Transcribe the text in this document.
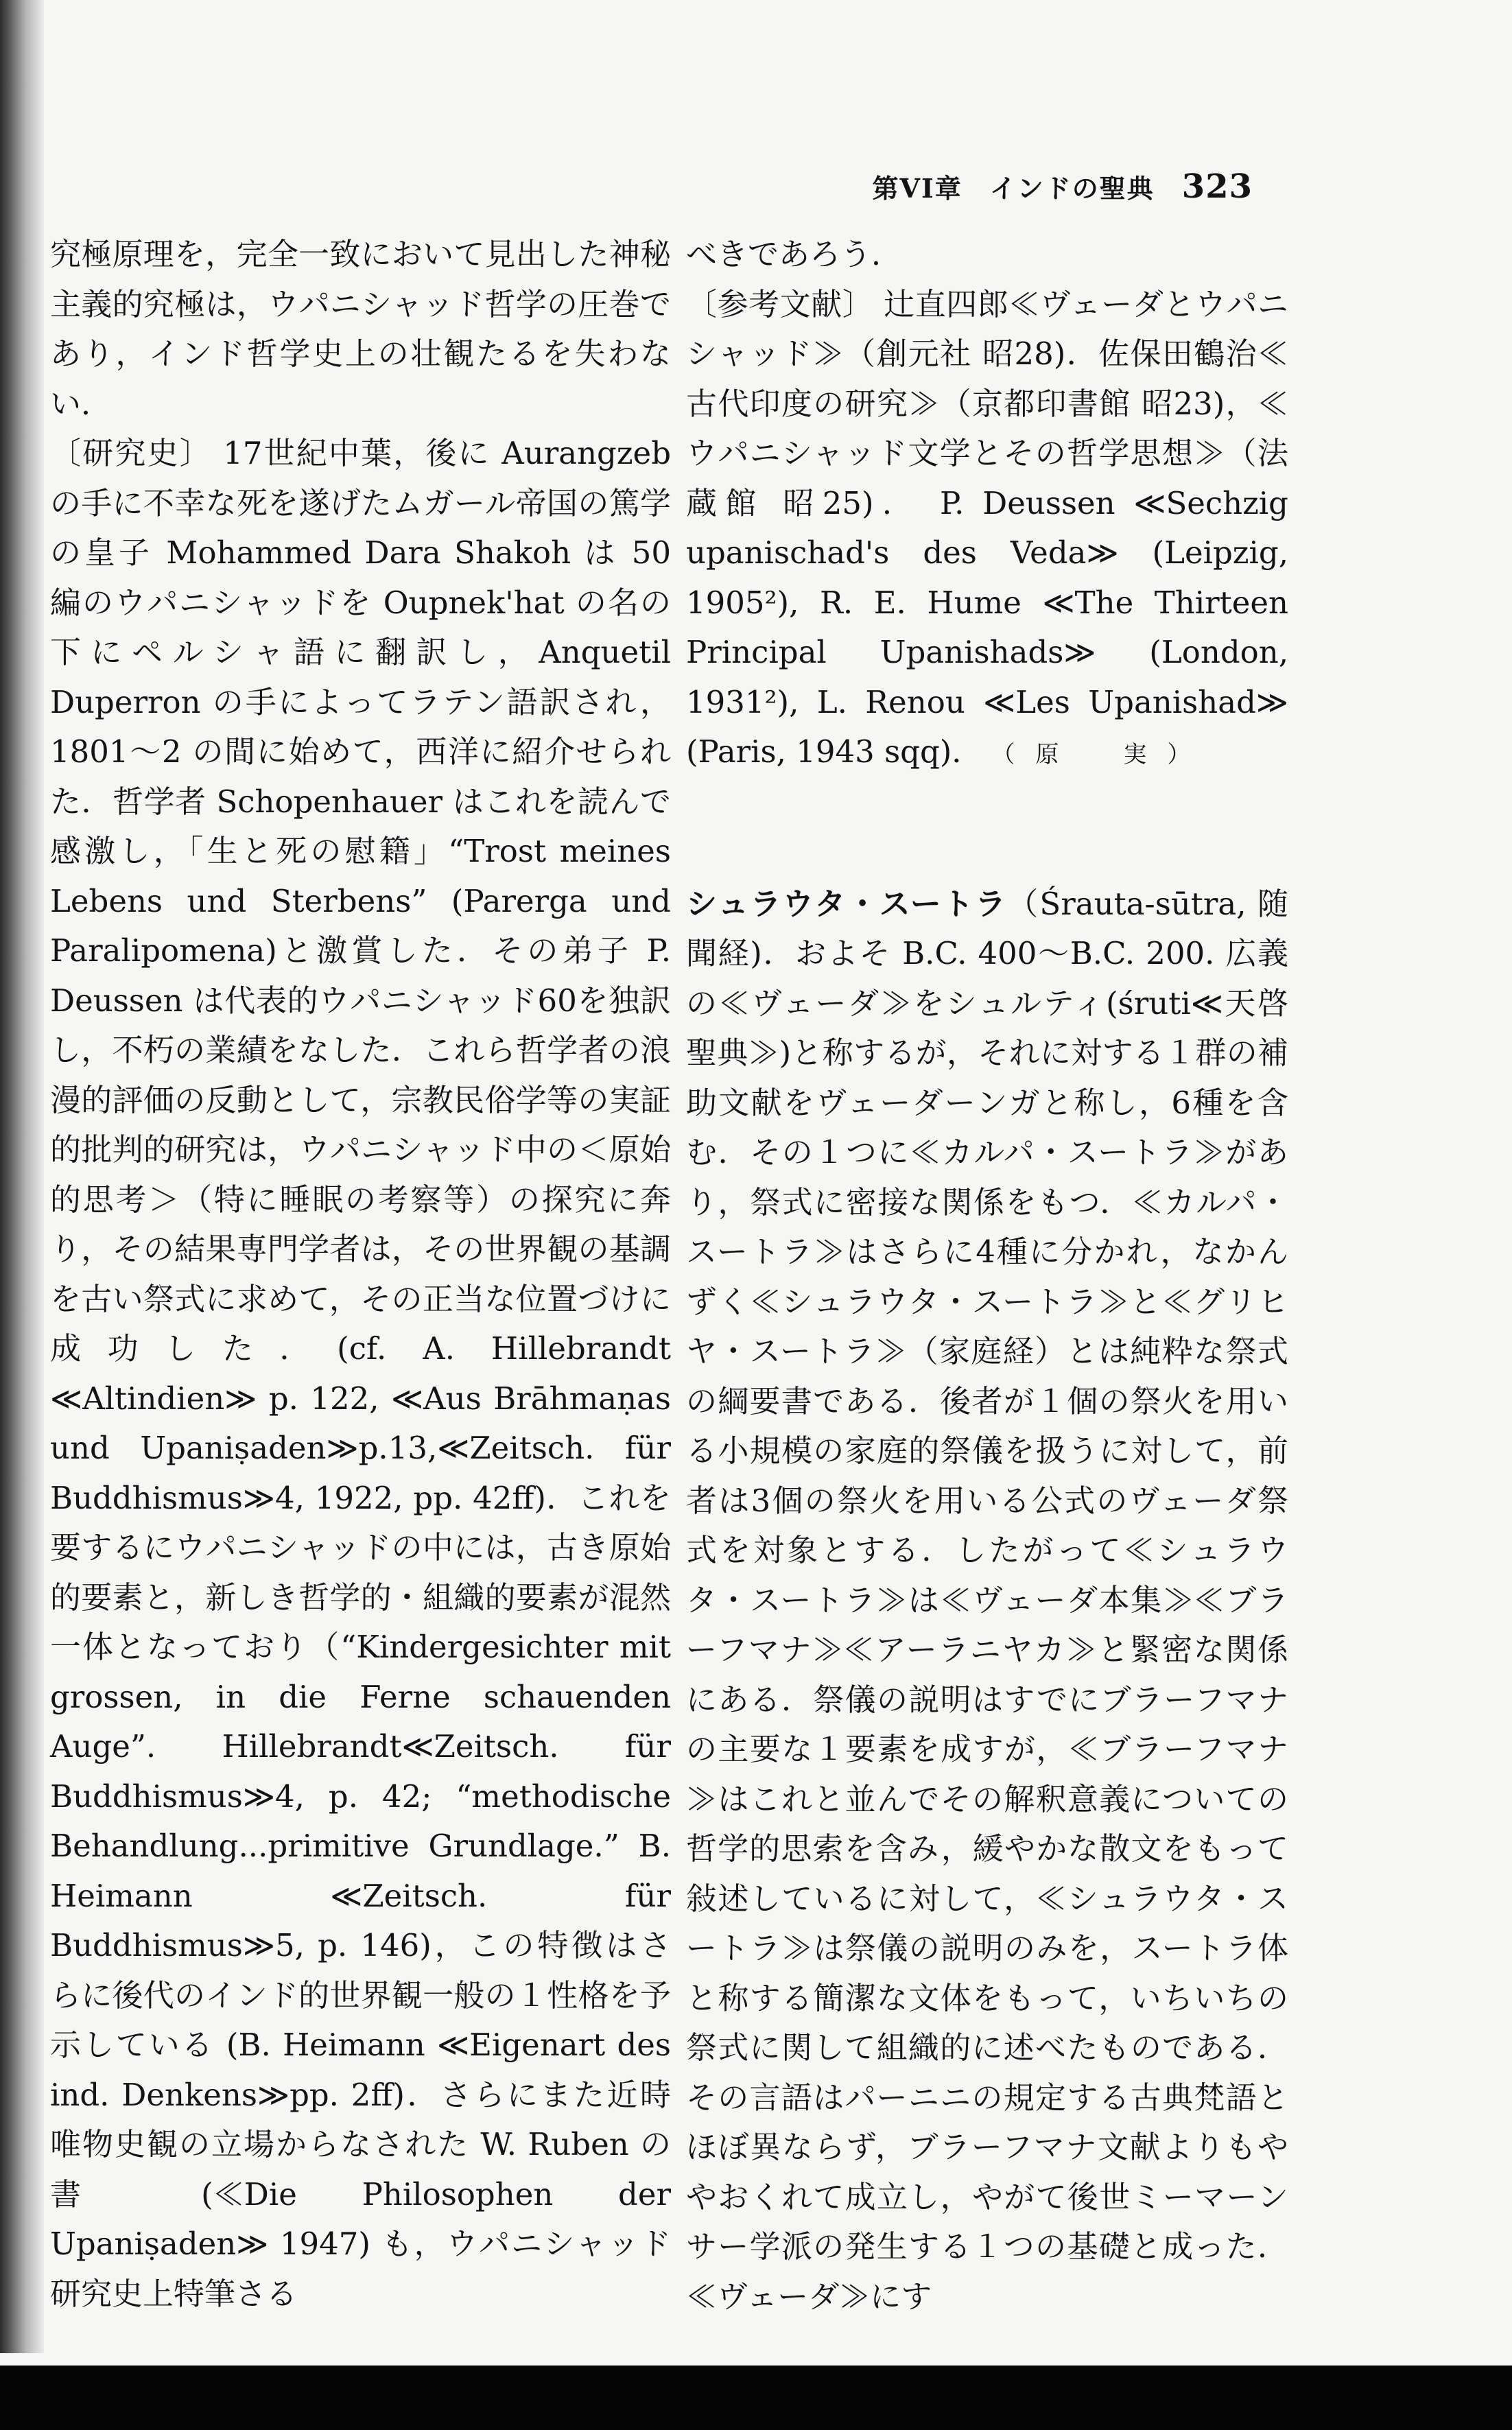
第VI章　インドの聖典 323

究極原理を，完全一致において見出した神秘主義的究極は，ウパニシャッド哲学の圧巻であり，インド哲学史上の壮観たるを失わない．

〔研究史〕 17世紀中葉，後に Aurangzeb の手に不幸な死を遂げたムガール帝国の篤学の皇子 Mohammed Dara Shakoh は 50 編のウパニシャッドを Oupnek'hat の名の下にペルシャ語に翻訳し，Anquetil Duperron の手によってラテン語訳され，1801～2 の間に始めて，西洋に紹介せられた．哲学者 Schopenhauer はこれを読んで感激し，「生と死の慰籍」“Trost meines Lebens und Sterbens” (Parerga und Paralipomena)と激賞した．その弟子 P. Deussen は代表的ウパニシャッド60を独訳し，不朽の業績をなした．これら哲学者の浪漫的評価の反動として，宗教民俗学等の実証的批判的研究は，ウパニシャッド中の＜原始的思考＞（特に睡眠の考察等）の探究に奔り，その結果専門学者は，その世界観の基調を古い祭式に求めて，その正当な位置づけに成功した．(cf. A. Hillebrandt ≪Altindien≫ p. 122, ≪Aus Brāhmaṇas und Upaniṣaden≫p.13,≪Zeitsch. für Buddhismus≫4, 1922, pp. 42ff)．これを要するにウパニシャッドの中には，古き原始的要素と，新しき哲学的・組織的要素が混然一体となっており（“Kindergesichter mit grossen, in die Ferne schauenden Auge”. Hillebrandt≪Zeitsch. für Buddhismus≫4, p. 42; “methodische Behandlung...primitive Grundlage.” B. Heimann ≪Zeitsch. für Buddhismus≫5, p. 146)，この特徴はさらに後代のインド的世界観一般の１性格を予示している (B. Heimann ≪Eigenart des ind. Denkens≫pp. 2ff)．さらにまた近時唯物史観の立場からなされた W. Ruben の書 (≪Die Philosophen der Upaniṣaden≫ 1947) も，ウパニシャッド研究史上特筆さる

べきであろう．

〔参考文献〕 辻直四郎≪ヴェーダとウパニシャッド≫（創元社 昭28)．佐保田鶴治≪古代印度の研究≫（京都印書館 昭23)，≪ウパニシャッド文学とその哲学思想≫（法蔵館 昭25)． P. Deussen ≪Sechzig upanischad's des Veda≫ (Leipzig, 1905²), R. E. Hume ≪The Thirteen Principal Upanishads≫ (London, 1931²), L. Renou ≪Les Upanishad≫ (Paris, 1943 sqq)． （原　実）

シュラウタ・スートラ（Śrauta-sūtra, 随聞経)．およそ B.C. 400～B.C. 200. 広義の≪ヴェーダ≫をシュルティ(śruti≪天啓聖典≫)と称するが，それに対する１群の補助文献をヴェーダーンガと称し，6種を含む．その１つに≪カルパ・スートラ≫があり，祭式に密接な関係をもつ．≪カルパ・スートラ≫はさらに4種に分かれ，なかんずく≪シュラウタ・スートラ≫と≪グリヒヤ・スートラ≫（家庭経）とは純粋な祭式の綱要書である．後者が１個の祭火を用いる小規模の家庭的祭儀を扱うに対して，前者は3個の祭火を用いる公式のヴェーダ祭式を対象とする．したがって≪シュラウタ・スートラ≫は≪ヴェーダ本集≫≪ブラーフマナ≫≪アーラニヤカ≫と緊密な関係にある．祭儀の説明はすでにブラーフマナの主要な１要素を成すが，≪ブラーフマナ≫はこれと並んでその解釈意義についての哲学的思索を含み，緩やかな散文をもって敍述しているに対して，≪シュラウタ・スートラ≫は祭儀の説明のみを，スートラ体と称する簡潔な文体をもって，いちいちの祭式に関して組織的に述べたものである．その言語はパーニニの規定する古典梵語とほぼ異ならず，ブラーフマナ文献よりもややおくれて成立し，やがて後世ミーマーンサー学派の発生する１つの基礎と成った．≪ヴェーダ≫にす
